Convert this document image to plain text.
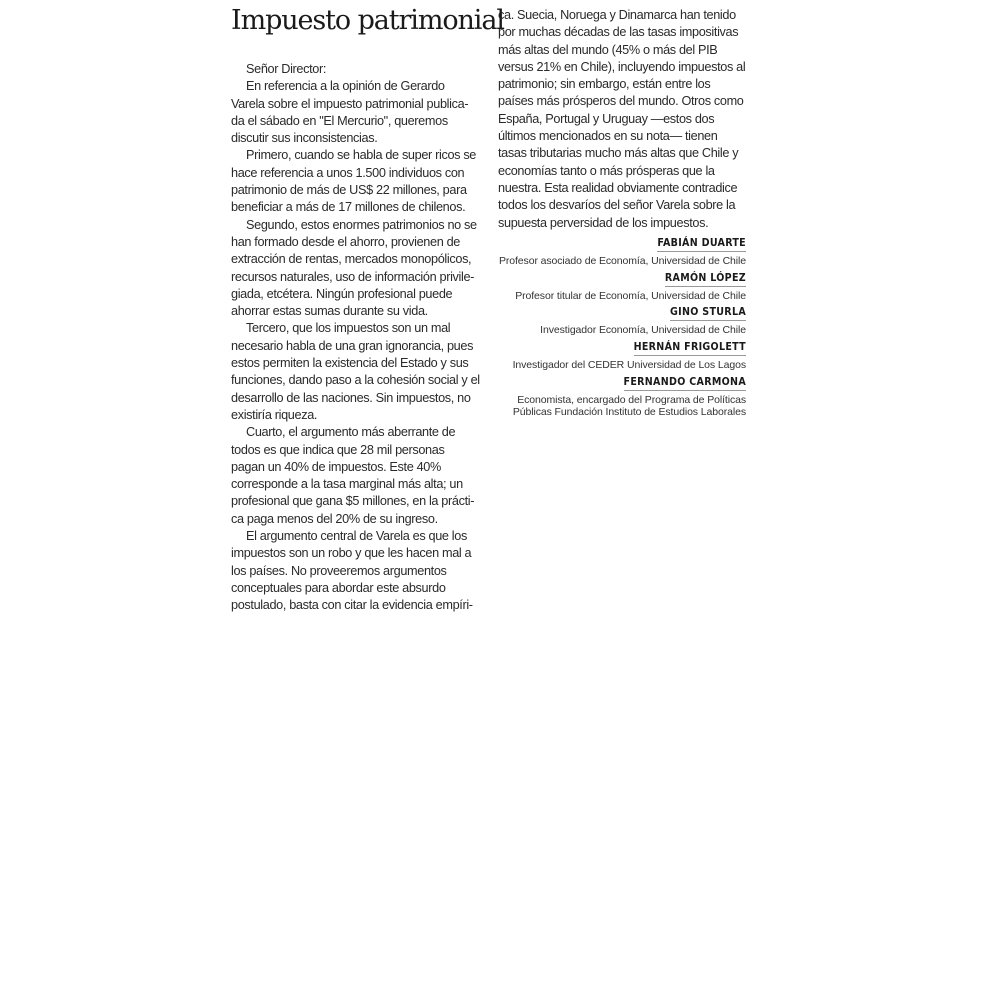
Impuesto patrimonial

Señor Director:

En referencia a la opinión de Gerardo

Varela sobre el impuesto patrimonial publica-

da el sábado en "El Mercurio", queremos

discutir sus inconsistencias.

Primero, cuando se habla de super ricos se

hace referencia a unos 1.500 individuos con

patrimonio de más de US$ 22 millones, para

beneficiar a más de 17 millones de chilenos.

Segundo, estos enormes patrimonios no se

han formado desde el ahorro, provienen de

extracción de rentas, mercados monopólicos,

recursos naturales, uso de información privile-

giada, etcétera. Ningún profesional puede

ahorrar estas sumas durante su vida.

Tercero, que los impuestos son un mal

necesario habla de una gran ignorancia, pues

estos permiten la existencia del Estado y sus

funciones, dando paso a la cohesión social y el

desarrollo de las naciones. Sin impuestos, no

existiría riqueza.

Cuarto, el argumento más aberrante de

todos es que indica que 28 mil personas

pagan un 40% de impuestos. Este 40%

corresponde a la tasa marginal más alta; un

profesional que gana $5 millones, en la prácti-

ca paga menos del 20% de su ingreso.

El argumento central de Varela es que los

impuestos son un robo y que les hacen mal a

los países. No proveeremos argumentos

conceptuales para abordar este absurdo

postulado, basta con citar la evidencia empíri-

ca. Suecia, Noruega y Dinamarca han tenido

por muchas décadas de las tasas impositivas

más altas del mundo (45% o más del PIB

versus 21% en Chile), incluyendo impuestos al

patrimonio; sin embargo, están entre los

países más prósperos del mundo. Otros como

España, Portugal y Uruguay —estos dos

últimos mencionados en su nota— tienen

tasas tributarias mucho más altas que Chile y

economías tanto o más prósperas que la

nuestra. Esta realidad obviamente contradice

todos los desvaríos del señor Varela sobre la

supuesta perversidad de los impuestos.

FABIÁN DUARTE
Profesor asociado de Economía, Universidad de Chile
RAMÓN LÓPEZ
Profesor titular de Economía, Universidad de Chile
GINO STURLA
Investigador Economía, Universidad de Chile
HERNÁN FRIGOLETT
Investigador del CEDER Universidad de Los Lagos
FERNANDO CARMONA
Economista, encargado del Programa de Políticas
Públicas Fundación Instituto de Estudios Laborales
